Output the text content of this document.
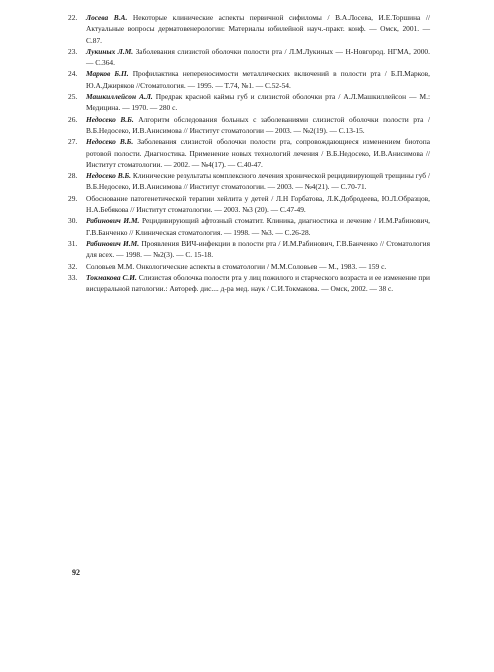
22. Лосева В.А. Некоторые клинические аспекты первичной сифиломы / В.А.Лосева, И.Е.Торшина // Актуальные вопросы дерматовенерологии: Материалы юбилейной науч.-практ. конф. — Омск, 2001. — С.87.
23. Лукиных Л.М. Заболевания слизистой оболочки полости рта / Л.М.Лукиных — Н-Новгород. НГМА, 2000. — С.364.
24. Марков Б.П. Профилактика непереносимости металлических включений в полости рта / Б.П.Марков, Ю.А.Джиряков //Стоматология. — 1995. — Т.74, №1. — С.52-54.
25. Машкиллейсон А.Л. Предрак красной каймы губ и слизистой оболочки рта / А.Л.Машкиллейсон — М.: Медицина. — 1970. — 280 с.
26. Недосеко В.Б. Алгоритм обследования больных с заболеваниями слизистой оболочки полости рта / В.Б.Недосеко, И.В.Анисимова // Институт стоматологии — 2003. — №2(19). — С.13-15.
27. Недосеко В.Б. Заболевания слизистой оболочки полости рта, сопровождающиеся изменением биотопа ротовой полости. Диагностика. Применение новых технологий лечения / В.Б.Недосеко, И.В.Анисимова // Институт стоматологии. — 2002. — №4(17). — С.40-47.
28. Недосеко В.Б. Клинические результаты комплексного лечения хронической рецидивирующей трещины губ / В.Б.Недосеко, И.В.Анисимова // Институт стоматологии. — 2003. — №4(21). — С.70-71.
29. Обоснование патогенетической терапии хейлита у детей / Л.Н Горбатова, Л.К.Добродеева, Ю.Л.Образцов, Н.А.Бебякова // Институт стоматологии. — 2003. №3 (20). — С.47-49.
30. Рабинович И.М. Рецидивирующий афтозный стоматит. Клиника, диагностика и лечение / И.М.Рабинович, Г.В.Банченко // Клиническая стоматология. — 1998. — №3. — С.26-28.
31. Рабинович И.М. Проявления ВИЧ-инфекции в полости рта / И.М.Рабинович, Г.В.Банченко // Стоматология для всех. — 1998. — №2(3). — С. 15-18.
32. Соловьев М.М. Онкологические аспекты в стоматологии / М.М.Соловьев — М., 1983. — 159 с.
33. Токмакова С.И. Слизистая оболочка полости рта у лиц пожилого и старческого возраста и ее изменение при висцеральной патологии.: Автореф. дис.... д-ра мед. наук / С.И.Токмакова. — Омск, 2002. — 38 с.
92
